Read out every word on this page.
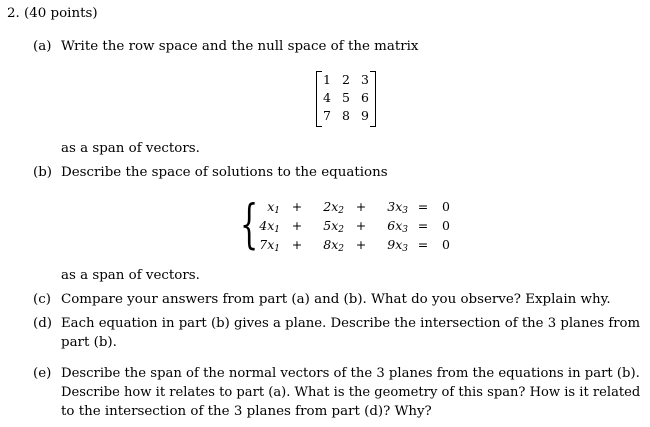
2. (40 points)
(a) Write the row space and the null space of the matrix
1 2 3
4 5 6
7 8 9
as a span of vectors.
(b) Describe the space of solutions to the equations
{ $x_1$ +	$2x_2$ +	$3x_3 = 0$
$4x_1$ +	$5x_2$ +	$6x_3 = 0$
$7x_1$ +	$8x_2$ +	$9x_3 = 0$
as a span of vectors.
(c) Compare your answers from part (a) and (b). What do you observe? Explain why.
(d) Each equation in part (b) gives a plane. Describe the intersection of the 3 planes from
part (b).
(e) Describe the span of the normal vectors of the 3 planes from the equations in part (b).
Describe how it relates to part (a). What is the geometry of this span? How is it related
to the intersection of the 3 planes from part (d)? Why?
